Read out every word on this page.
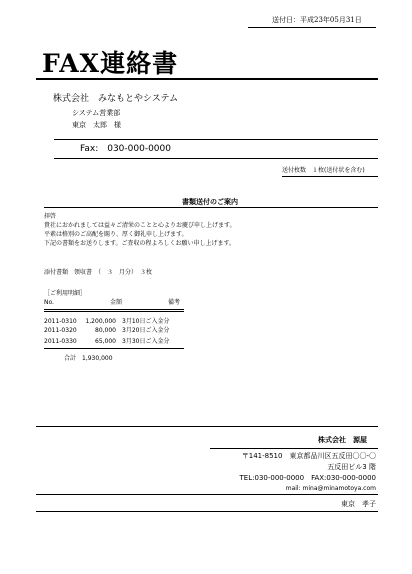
送付日：平成23年05月31日
FAX連絡書
株式会社　みなもとやシステム
システム営業部
東京　太郎　様
Fax:　030-000-0000
送付枚数　１枚(送付状を含む)
書類送付のご案内
拝啓
貴社におかれましては益々ご清栄のことと心よりお慶び申し上げます。
平素は格別のご高配を賜り、厚く御礼申し上げます。
下記の書類をお送りします。ご査収の程よろしくお願い申し上げます。
添付書類　領収書　（　３　月分）　３枚
［ご利用明細］
No.	金額	備考
2011-0310	1,200,000 3月10日ご入金分
2011-0320	80,000 3月20日ご入金分
2011-0330	65,000 3月30日ご入金分
合計　1,930,000
株式会社　源屋
〒141-8510　東京都品川区五反田〇〇-〇
五反田ビル3 階
TEL:030-000-0000　FAX:030-000-0000
mail: mina@minamotoya.com
東京　孝子
